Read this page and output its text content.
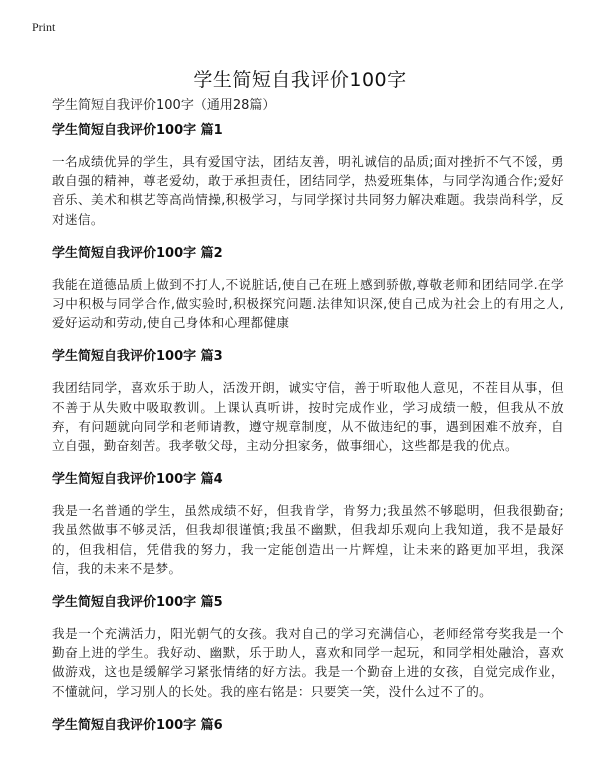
Print
学生简短自我评价100字
学生简短自我评价100字（通用28篇）
学生简短自我评价100字 篇1

一名成绩优异的学生，具有爱国守法，团结友善，明礼诚信的品质;面对挫折不气不馁，勇敢自强的精神，尊老爱幼，敢于承担责任，团结同学，热爱班集体，与同学沟通合作;爱好音乐、美术和棋艺等高尚情操,积极学习，与同学探讨共同努力解决难题。我崇尚科学，反对迷信。

学生简短自我评价100字 篇2

我能在道德品质上做到不打人,不说脏话,使自己在班上感到骄傲,尊敬老师和团结同学.在学习中积极与同学合作,做实验时,积极探究问题.法律知识深,使自己成为社会上的有用之人,爱好运动和劳动,使自己身体和心理都健康

学生简短自我评价100字 篇3

我团结同学，喜欢乐于助人，活泼开朗，诚实守信，善于听取他人意见，不茬目从事，但不善于从失败中吸取教训。上课认真听讲，按时完成作业，学习成绩一般，但我从不放弃，有问题就向同学和老师请教，遵守规章制度，从不做违纪的事，遇到困难不放弃，自立自强，勤奋刻苦。我孝敬父母，主动分担家务，做事细心，这些都是我的优点。

学生简短自我评价100字 篇4

我是一名普通的学生，虽然成绩不好，但我肯学，肯努力;我虽然不够聪明，但我很勤奋;我虽然做事不够灵活，但我却很谨慎;我虽不幽默，但我却乐观向上我知道，我不是最好的，但我相信，凭借我的努力，我一定能创造出一片辉煌，让未来的路更加平坦，我深信，我的未来不是梦。

学生简短自我评价100字 篇5

我是一个充满活力，阳光朝气的女孩。我对自己的学习充满信心，老师经常夸奖我是一个勤奋上进的学生。我好动、幽默，乐于助人，喜欢和同学一起玩，和同学相处融洽，喜欢做游戏，这也是缓解学习紧张情绪的好方法。我是一个勤奋上进的女孩，自觉完成作业，不懂就问，学习别人的长处。我的座右铭是：只要笑一笑，没什么过不了的。

学生简短自我评价100字 篇6
